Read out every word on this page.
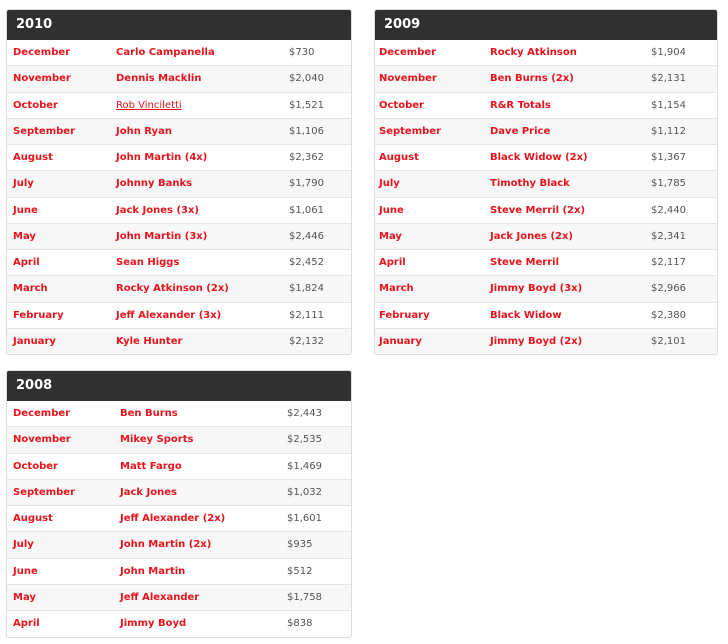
2010
December	Carlo Campanella	$730
November	Dennis Macklin	$2,040
October	Rob Vinciletti	$1,521
September	John Ryan	$1,106
August	John Martin (4x)	$2,362
July	Johnny Banks	$1,790
June	Jack Jones (3x)	$1,061
May	John Martin (3x)	$2,446
April	Sean Higgs	$2,452
March	Rocky Atkinson (2x)	$1,824
February	Jeff Alexander (3x)	$2,111
January	Kyle Hunter	$2,132
2009
December	Rocky Atkinson	$1,904
November	Ben Burns (2x)	$2,131
October	R&R Totals	$1,154
September	Dave Price	$1,112
August	Black Widow (2x)	$1,367
July	Timothy Black	$1,785
June	Steve Merril (2x)	$2,440
May	Jack Jones (2x)	$2,341
April	Steve Merril	$2,117
March	Jimmy Boyd (3x)	$2,966
February	Black Widow	$2,380
January	Jimmy Boyd (2x)	$2,101
2008
December	Ben Burns	$2,443
November	Mikey Sports	$2,535
October	Matt Fargo	$1,469
September	Jack Jones	$1,032
August	Jeff Alexander (2x)	$1,601
July	John Martin (2x)	$935
June	John Martin	$512
May	Jeff Alexander	$1,758
April	Jimmy Boyd	$838
